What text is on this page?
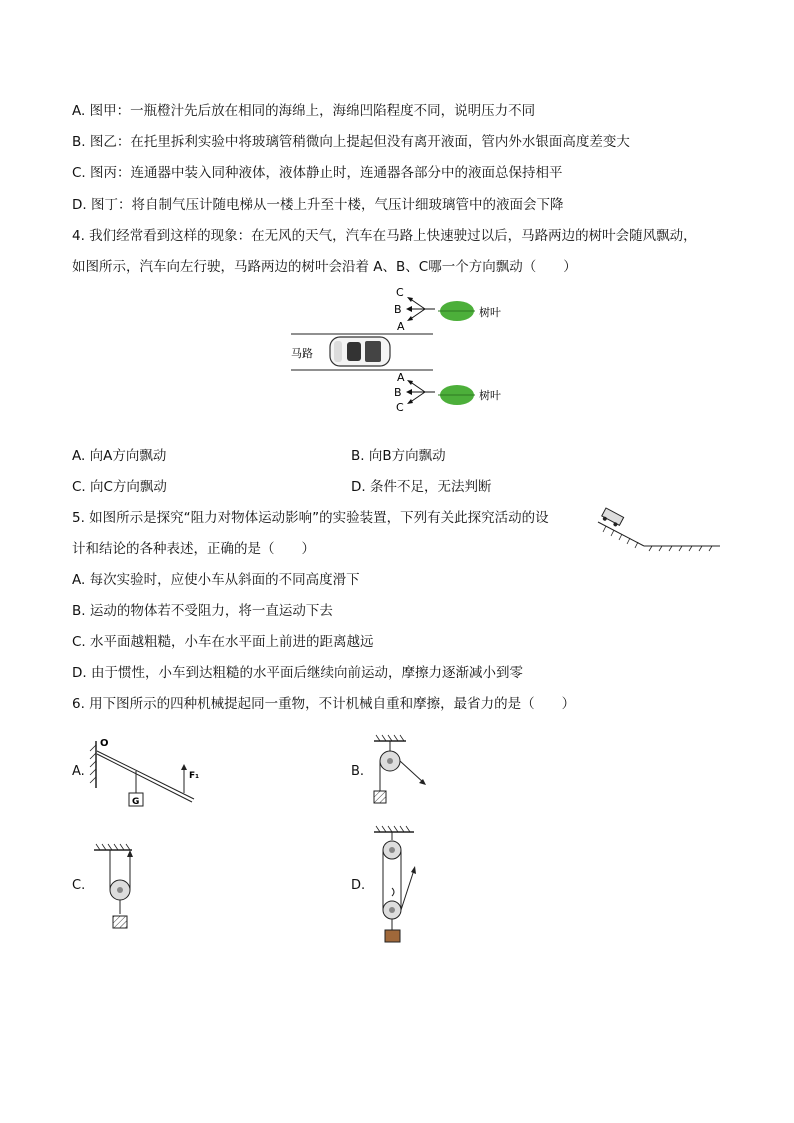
A. 图甲：一瓶橙汁先后放在相同的海绵上，海绵凹陷程度不同，说明压力不同
B. 图乙：在托里拆利实验中将玻璃管稍微向上提起但没有离开液面，管内外水银面高度差变大
C. 图丙：连通器中装入同种液体，液体静止时，连通器各部分中的液面总保持相平
D. 图丁：将自制气压计随电梯从一楼上升至十楼，气压计细玻璃管中的液面会下降
4. 我们经常看到这样的现象：在无风的天气，汽车在马路上快速驶过以后，马路两边的树叶会随风飘动，
如图所示，汽车向左行驶，马路两边的树叶会沿着 A、B、C哪一个方向飘动（　　）
马路
C
B
A
树叶
A
B
C
树叶
A. 向A方向飘动	B. 向B方向飘动
C. 向C方向飘动	D. 条件不足，无法判断
5. 如图所示是探究“阻力对物体运动影响”的实验装置，下列有关此探究活动的设
计和结论的各种表述，正确的是（　　）
A. 每次实验时，应使小车从斜面的不同高度滑下
B. 运动的物体若不受阻力，将一直运动下去
C. 水平面越粗糙，小车在水平面上前进的距离越远
D. 由于惯性，小车到达粗糙的水平面后继续向前运动，摩擦力逐渐减小到零
6. 用下图所示的四种机械提起同一重物，不计机械自重和摩擦，最省力的是（　　）
A.
O
G
F₁	B.
C.	D.
